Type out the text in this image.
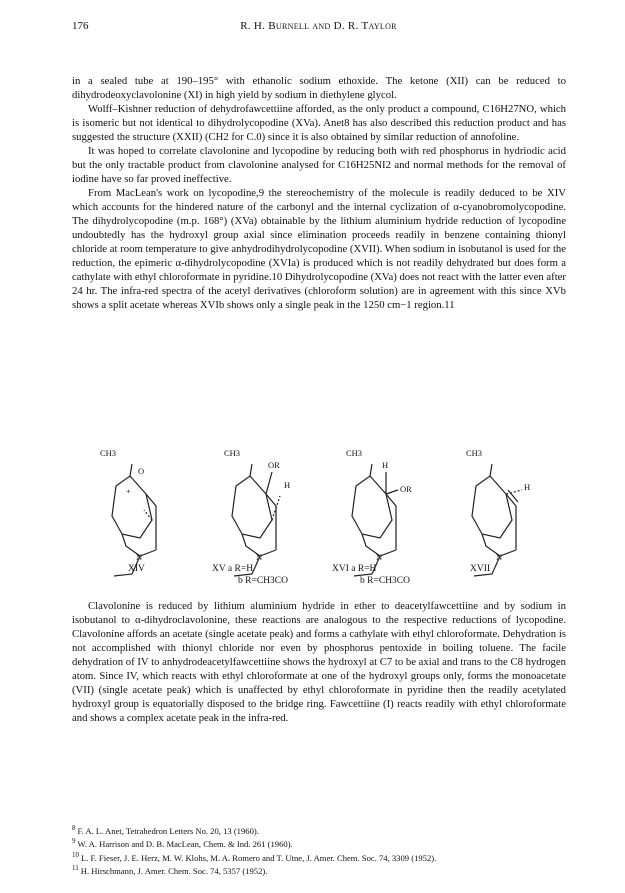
176	R. H. Burnell and D. R. Taylor

in a sealed tube at 190–195° with ethanolic sodium ethoxide. The ketone (XII) can be reduced to dihydrodeoxyclavolonine (XI) in high yield by sodium in diethylene glycol.

Wolff–Kishner reduction of dehydrofawcettiine afforded, as the only product a compound, C16H27NO, which is isomeric but not identical to dihydrolycopodine (XVa). Anet8 has also described this reduction product and has suggested the structure (XXII) (CH2 for C.0) since it is also obtained by similar reduction of annofoline.

It was hoped to correlate clavolonine and lycopodine by reducing both with red phosphorus in hydriodic acid but the only tractable product from clavolonine analysed for C16H25NI2 and normal methods for the removal of iodine have so far proved ineffective.

From MacLean's work on lycopodine,9 the stereochemistry of the molecule is readily deduced to be XIV which accounts for the hindered nature of the carbonyl and the internal cyclization of α-cyanobromolycopodine. The dihydrolycopodine (m.p. 168°) (XVa) obtainable by the lithium aluminium hydride reduction of lycopodine undoubtedly has the hydroxyl group axial since elimination proceeds readily in benzene containing thionyl chloride at room temperature to give anhydrodihydrolycopodine (XVII). When sodium in isobutanol is used for the reduction, the epimeric α-dihydrolycopodine (XVIa) is produced which is not readily dehydrated but does form a cathylate with ethyl chloroformate in pyridine.10 Dihydrolycopodine (XVa) does not react with the latter even after 24 hr. The infra-red spectra of the acetyl derivatives (chloroform solution) are in agreement with this since XVb shows a split acetate whereas XVIb shows only a single peak in the 1250 cm−1 region.11

CH3
O
+
N
CH3
OR
H
N
CH3
H
OR
N
CH3
H
N
XIV	XV a R=H
b R=CH3CO
XVI a R=H
b R=CH3CO
XVII

Clavolonine is reduced by lithium aluminium hydride in ether to deacetylfawcettiine and by sodium in isobutanol to α-dihydroclavolonine, these reactions are analogous to the respective reductions of lycopodine. Clavolonine affords an acetate (single acetate peak) and forms a cathylate with ethyl chloroformate. Dehydration is not accomplished with thionyl chloride nor even by phosphorus pentoxide in boiling toluene. The facile dehydration of IV to anhydrodeacetylfawcettiine shows the hydroxyl at C7 to be axial and trans to the C8 hydrogen atom. Since IV, which reacts with ethyl chloroformate at one of the hydroxyl groups only, forms the monoacetate (VII) (single acetate peak) which is unaffected by ethyl chloroformate in pyridine then the readily acetylated hydroxyl group is equatorially disposed to the bridge ring. Fawcettiine (I) reacts readily with ethyl chloroformate and shows a complex acetate peak in the infra-red.

$^8$ F. A. L. Anet, Tetrahedron Letters No. 20, 13 (1960).
$^9$ W. A. Harrison and D. B. MacLean, Chem. & Ind. 261 (1960).
$^{10}$ L. F. Fieser, J. E. Herz, M. W. Klohs, M. A. Romero and T. Utne, J. Amer. Chem. Soc. 74, 3309 (1952).
$^{11}$ H. Hirschmann, J. Amer. Chem. Soc. 74, 5357 (1952).
